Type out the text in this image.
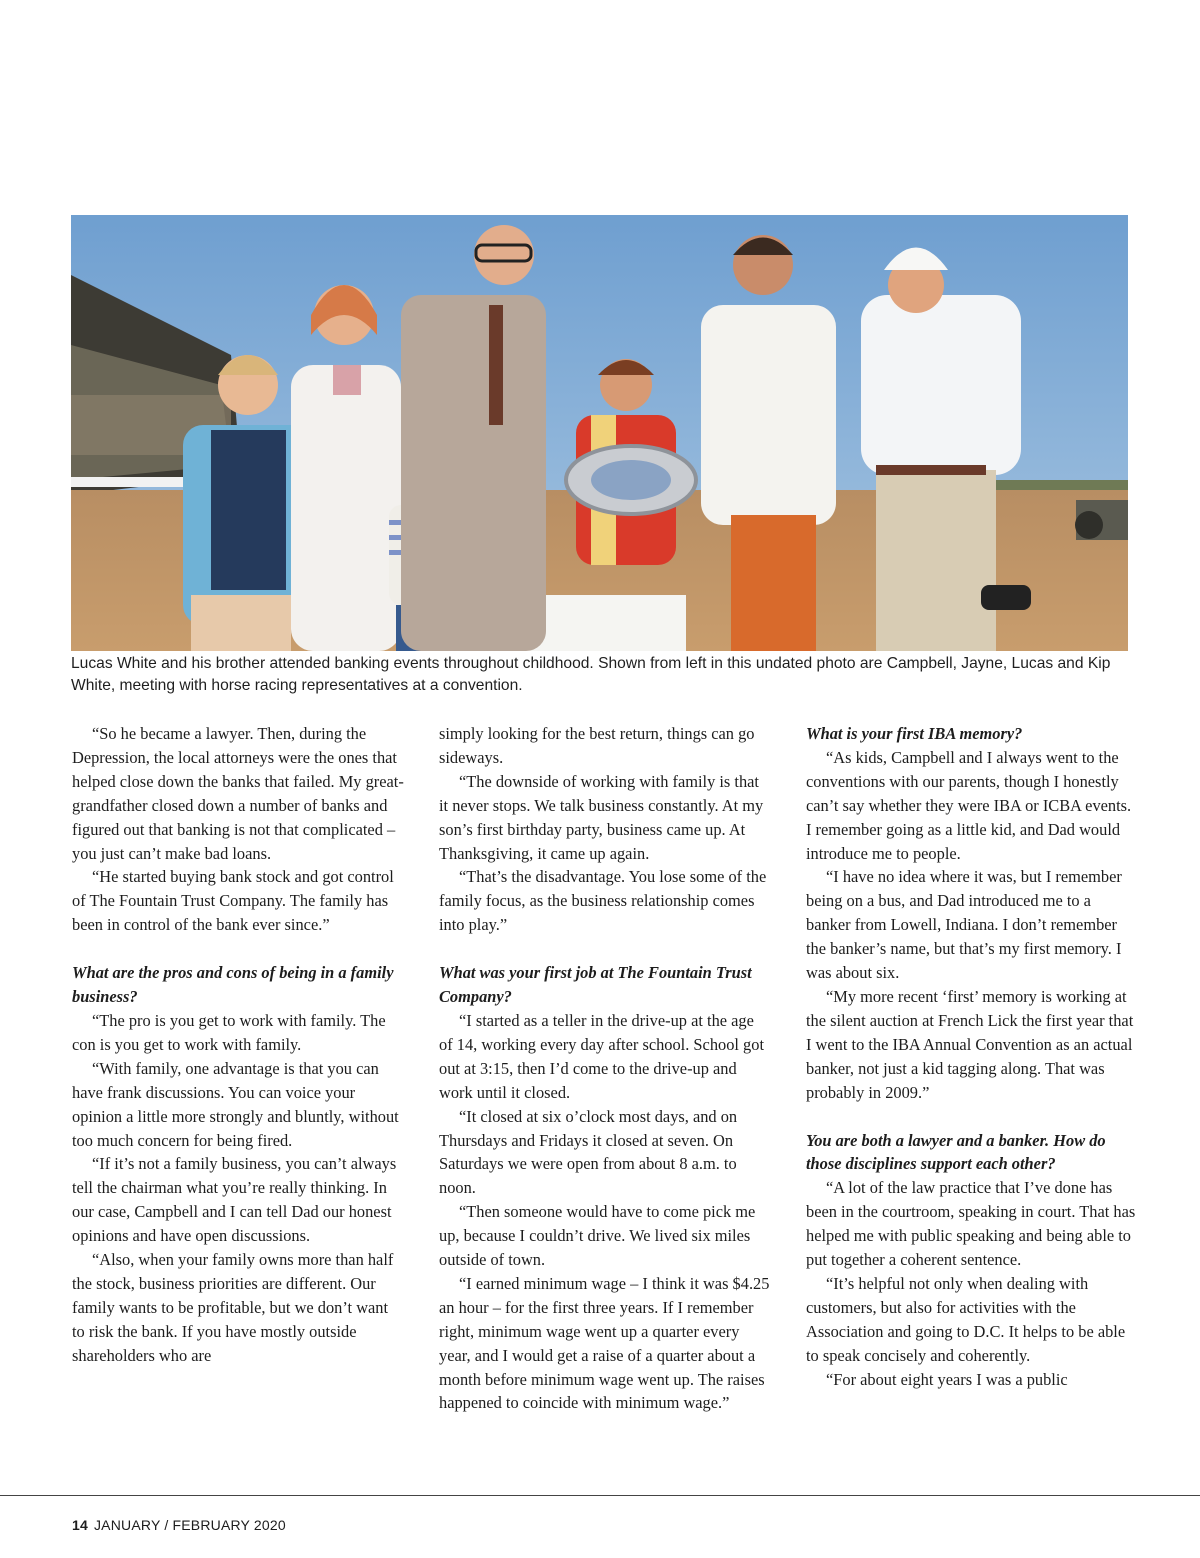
Lucas White and his brother attended banking events throughout childhood. Shown from left in this undated photo are Campbell, Jayne, Lucas and Kip White, meeting with horse racing representatives at a convention.

“So he became a lawyer. Then, during the Depression, the local attorneys were the ones that helped close down the banks that failed. My great-grandfather closed down a number of banks and figured out that banking is not that complicated – you just can’t make bad loans.

“He started buying bank stock and got control of The Fountain Trust Company. The family has been in control of the bank ever since.”

What are the pros and cons of being in a family business?

“The pro is you get to work with family. The con is you get to work with family.

“With family, one advantage is that you can have frank discussions. You can voice your opinion a little more strongly and bluntly, without too much concern for being fired.

“If it’s not a family business, you can’t always tell the chairman what you’re really thinking. In our case, Campbell and I can tell Dad our honest opinions and have open discussions.

“Also, when your family owns more than half the stock, business priorities are different. Our family wants to be profitable, but we don’t want to risk the bank. If you have mostly outside shareholders who are

simply looking for the best return, things can go sideways.

“The downside of working with family is that it never stops. We talk business constantly. At my son’s first birthday party, business came up. At Thanksgiving, it came up again.

“That’s the disadvantage. You lose some of the family focus, as the business relationship comes into play.”

What was your first job at The Fountain Trust Company?

“I started as a teller in the drive-up at the age of 14, working every day after school. School got out at 3:15, then I’d come to the drive-up and work until it closed.

“It closed at six o’clock most days, and on Thursdays and Fridays it closed at seven. On Saturdays we were open from about 8 a.m. to noon.

“Then someone would have to come pick me up, because I couldn’t drive. We lived six miles outside of town.

“I earned minimum wage – I think it was $4.25 an hour – for the first three years. If I remember right, minimum wage went up a quarter every year, and I would get a raise of a quarter about a month before minimum wage went up. The raises happened to coincide with minimum wage.”

What is your first IBA memory?

“As kids, Campbell and I always went to the conventions with our parents, though I honestly can’t say whether they were IBA or ICBA events. I remember going as a little kid, and Dad would introduce me to people.

“I have no idea where it was, but I remember being on a bus, and Dad introduced me to a banker from Lowell, Indiana. I don’t remember the banker’s name, but that’s my first memory. I was about six.

“My more recent ‘first’ memory is working at the silent auction at French Lick the first year that I went to the IBA Annual Convention as an actual banker, not just a kid tagging along. That was probably in 2009.”

You are both a lawyer and a banker. How do those disciplines support each other?

“A lot of the law practice that I’ve done has been in the courtroom, speaking in court. That has helped me with public speaking and being able to put together a coherent sentence.

“It’s helpful not only when dealing with customers, but also for activities with the Association and going to D.C. It helps to be able to speak concisely and coherently.

“For about eight years I was a public

14 JANUARY / FEBRUARY 2020
